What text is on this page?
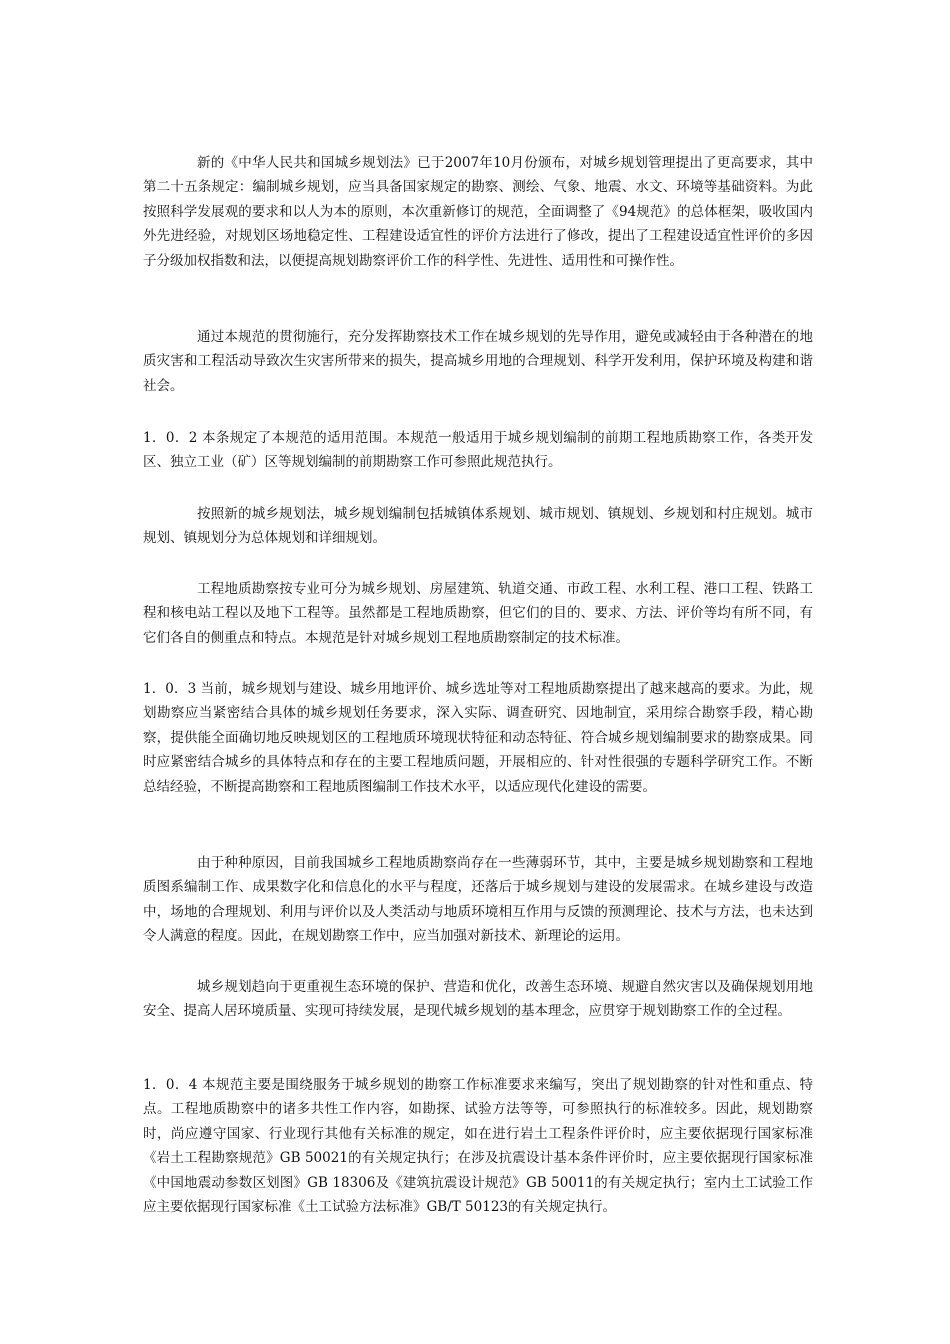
新的《中华人民共和国城乡规划法》已于2007年10月份颁布，对城乡规划管理提出了更高要求，其中第二十五条规定：编制城乡规划，应当具备国家规定的勘察、测绘、气象、地震、水文、环境等基础资料。为此按照科学发展观的要求和以人为本的原则，本次重新修订的规范，全面调整了《94规范》的总体框架，吸收国内外先进经验，对规划区场地稳定性、工程建设适宜性的评价方法进行了修改，提出了工程建设适宜性评价的多因子分级加权指数和法，以便提高规划勘察评价工作的科学性、先进性、适用性和可操作性。

通过本规范的贯彻施行，充分发挥勘察技术工作在城乡规划的先导作用，避免或减轻由于各种潜在的地质灾害和工程活动导致次生灾害所带来的损失，提高城乡用地的合理规划、科学开发利用，保护环境及构建和谐社会。

1．0．2 本条规定了本规范的适用范围。本规范一般适用于城乡规划编制的前期工程地质勘察工作，各类开发区、独立工业（矿）区等规划编制的前期勘察工作可参照此规范执行。

按照新的城乡规划法，城乡规划编制包括城镇体系规划、城市规划、镇规划、乡规划和村庄规划。城市规划、镇规划分为总体规划和详细规划。

工程地质勘察按专业可分为城乡规划、房屋建筑、轨道交通、市政工程、水利工程、港口工程、铁路工程和核电站工程以及地下工程等。虽然都是工程地质勘察，但它们的目的、要求、方法、评价等均有所不同，有它们各自的侧重点和特点。本规范是针对城乡规划工程地质勘察制定的技术标准。

1．0．3 当前，城乡规划与建设、城乡用地评价、城乡选址等对工程地质勘察提出了越来越高的要求。为此，规划勘察应当紧密结合具体的城乡规划任务要求，深入实际、调查研究、因地制宜，采用综合勘察手段，精心勘察，提供能全面确切地反映规划区的工程地质环境现状特征和动态特征、符合城乡规划编制要求的勘察成果。同时应紧密结合城乡的具体特点和存在的主要工程地质问题，开展相应的、针对性很强的专题科学研究工作。不断总结经验，不断提高勘察和工程地质图编制工作技术水平，以适应现代化建设的需要。

由于种种原因，目前我国城乡工程地质勘察尚存在一些薄弱环节，其中，主要是城乡规划勘察和工程地质图系编制工作、成果数字化和信息化的水平与程度，还落后于城乡规划与建设的发展需求。在城乡建设与改造中，场地的合理规划、利用与评价以及人类活动与地质环境相互作用与反馈的预测理论、技术与方法，也未达到令人满意的程度。因此，在规划勘察工作中，应当加强对新技术、新理论的运用。

城乡规划趋向于更重视生态环境的保护、营造和优化，改善生态环境、规避自然灾害以及确保规划用地安全、提高人居环境质量、实现可持续发展，是现代城乡规划的基本理念，应贯穿于规划勘察工作的全过程。

1．0．4 本规范主要是围绕服务于城乡规划的勘察工作标准要求来编写，突出了规划勘察的针对性和重点、特点。工程地质勘察中的诸多共性工作内容，如勘探、试验方法等等，可参照执行的标准较多。因此，规划勘察时，尚应遵守国家、行业现行其他有关标准的规定，如在进行岩土工程条件评价时，应主要依据现行国家标准《岩土工程勘察规范》GB 50021的有关规定执行；在涉及抗震设计基本条件评价时，应主要依据现行国家标准《中国地震动参数区划图》GB 18306及《建筑抗震设计规范》GB 50011的有关规定执行；室内土工试验工作应主要依据现行国家标准《土工试验方法标准》GB/T 50123的有关规定执行。
